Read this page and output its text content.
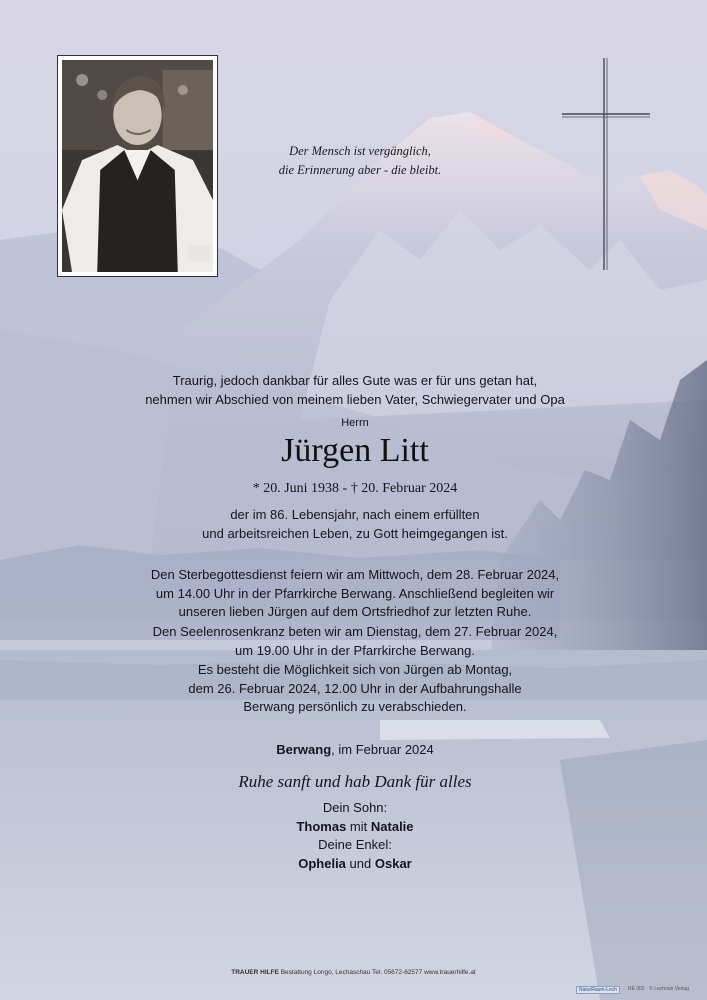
Der Mensch ist vergänglich,
die Erinnerung aber - die bleibt.
Traurig, jedoch dankbar für alles Gute was er für uns getan hat,
nehmen wir Abschied von meinem lieben Vater, Schwiegervater und Opa
Herrn
Jürgen Litt
* 20. Juni 1938 - † 20. Februar 2024
der im 86. Lebensjahr, nach einem erfüllten
und arbeitsreichen Leben, zu Gott heimgegangen ist.
Den Sterbegottesdienst feiern wir am Mittwoch, dem 28. Februar 2024,
um 14.00 Uhr in der Pfarrkirche Berwang. Anschließend begleiten wir
unseren lieben Jürgen auf dem Ortsfriedhof zur letzten Ruhe.
Den Seelenrosenkranz beten wir am Dienstag, dem 27. Februar 2024,
um 19.00 Uhr in der Pfarrkirche Berwang.
Es besteht die Möglichkeit sich von Jürgen ab Montag,
dem 26. Februar 2024, 12.00 Uhr in der Aufbahrungshalle
Berwang persönlich zu verabschieden.
Berwang, im Februar 2024
Ruhe sanft und hab Dank für alles
Dein Sohn:
Thomas mit Natalie
Deine Enkel:
Ophelia und Oskar
TRAUER HILFE Bestattung Longo, Lechaschau Tel. 05672-62577 www.trauerhilfe.at
NaturRaum-Lech	RE 002 · © Lechrain Verlag
